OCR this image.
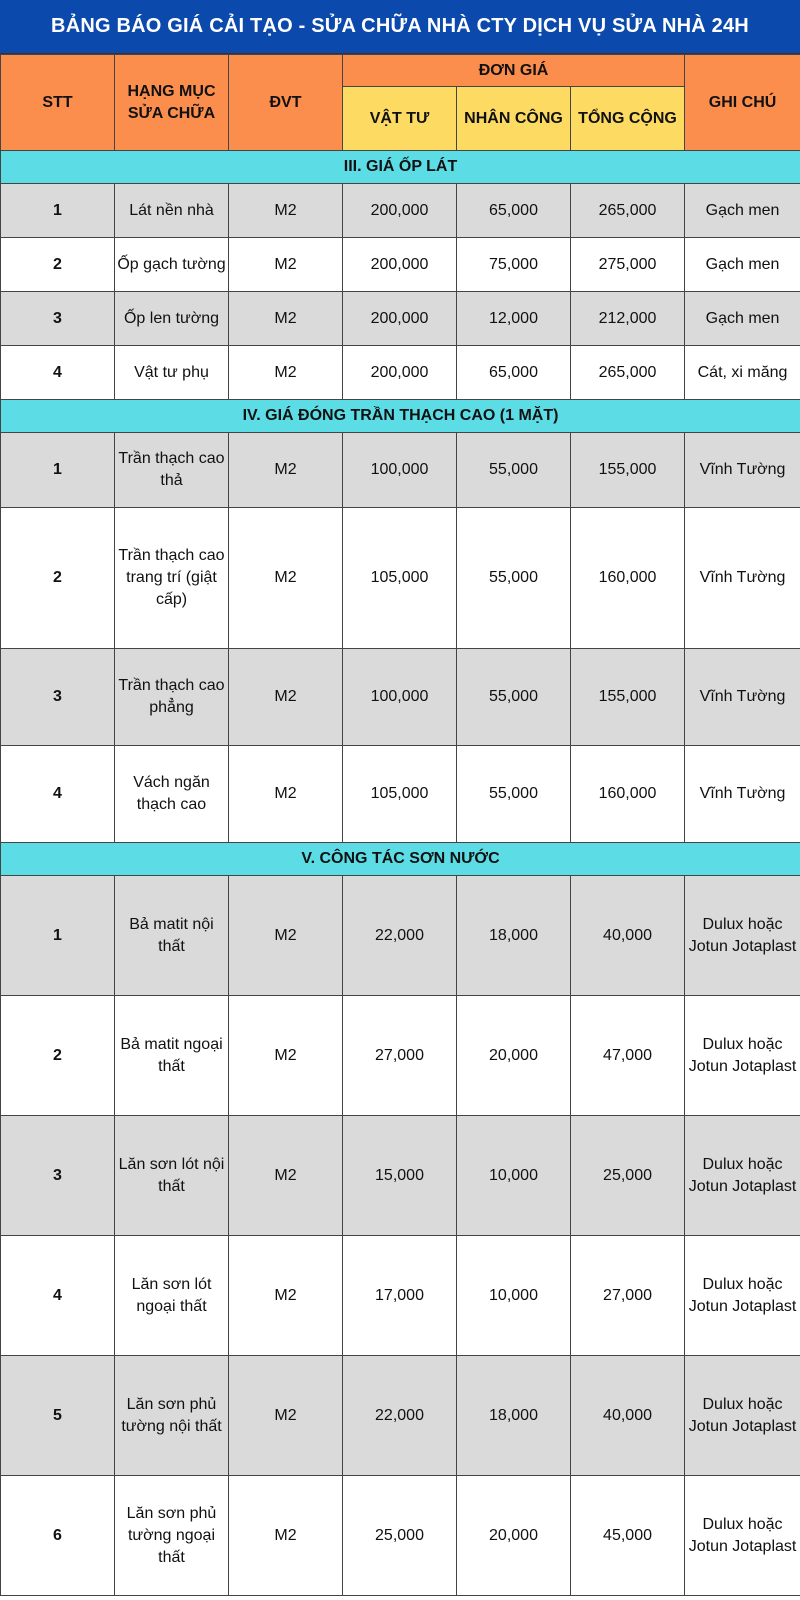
BẢNG BÁO GIÁ CẢI TẠO - SỬA CHỮA NHÀ CTY DỊCH VỤ SỬA NHÀ 24H
STT	HẠNG MỤC SỬA CHỮA	ĐVT	ĐƠN GIÁ			GHI CHÚ
			VẬT TƯ	NHÂN CÔNG	TỔNG CỘNG	
III. GIÁ ỐP LÁT						
1	Lát nền nhà	M2	200,000	65,000	265,000	Gạch men
2	Ốp gạch tường	M2	200,000	75,000	275,000	Gạch men
3	Ốp len tường	M2	200,000	12,000	212,000	Gạch men
4	Vật tư phụ	M2	200,000	65,000	265,000	Cát, xi măng
IV. GIÁ ĐÓNG TRẦN THẠCH CAO (1 MẶT)						
1	Trần thạch cao thả	M2	100,000	55,000	155,000	Vĩnh Tường
2	Trần thạch cao trang trí (giật cấp)	M2	105,000	55,000	160,000	Vĩnh Tường
3	Trần thạch cao phẳng	M2	100,000	55,000	155,000	Vĩnh Tường
4	Vách ngăn thạch cao	M2	105,000	55,000	160,000	Vĩnh Tường
V. CÔNG TÁC SƠN NƯỚC						
1	Bả matit nội thất	M2	22,000	18,000	40,000	Dulux hoặc Jotun Jotaplast
2	Bả matit ngoại thất	M2	27,000	20,000	47,000	Dulux hoặc Jotun Jotaplast
3	Lăn sơn lót nội thất	M2	15,000	10,000	25,000	Dulux hoặc Jotun Jotaplast
4	Lăn sơn lót ngoại thất	M2	17,000	10,000	27,000	Dulux hoặc Jotun Jotaplast
5	Lăn sơn phủ tường nội thất	M2	22,000	18,000	40,000	Dulux hoặc Jotun Jotaplast
6	Lăn sơn phủ tường ngoại thất	M2	25,000	20,000	45,000	Dulux hoặc Jotun Jotaplast
